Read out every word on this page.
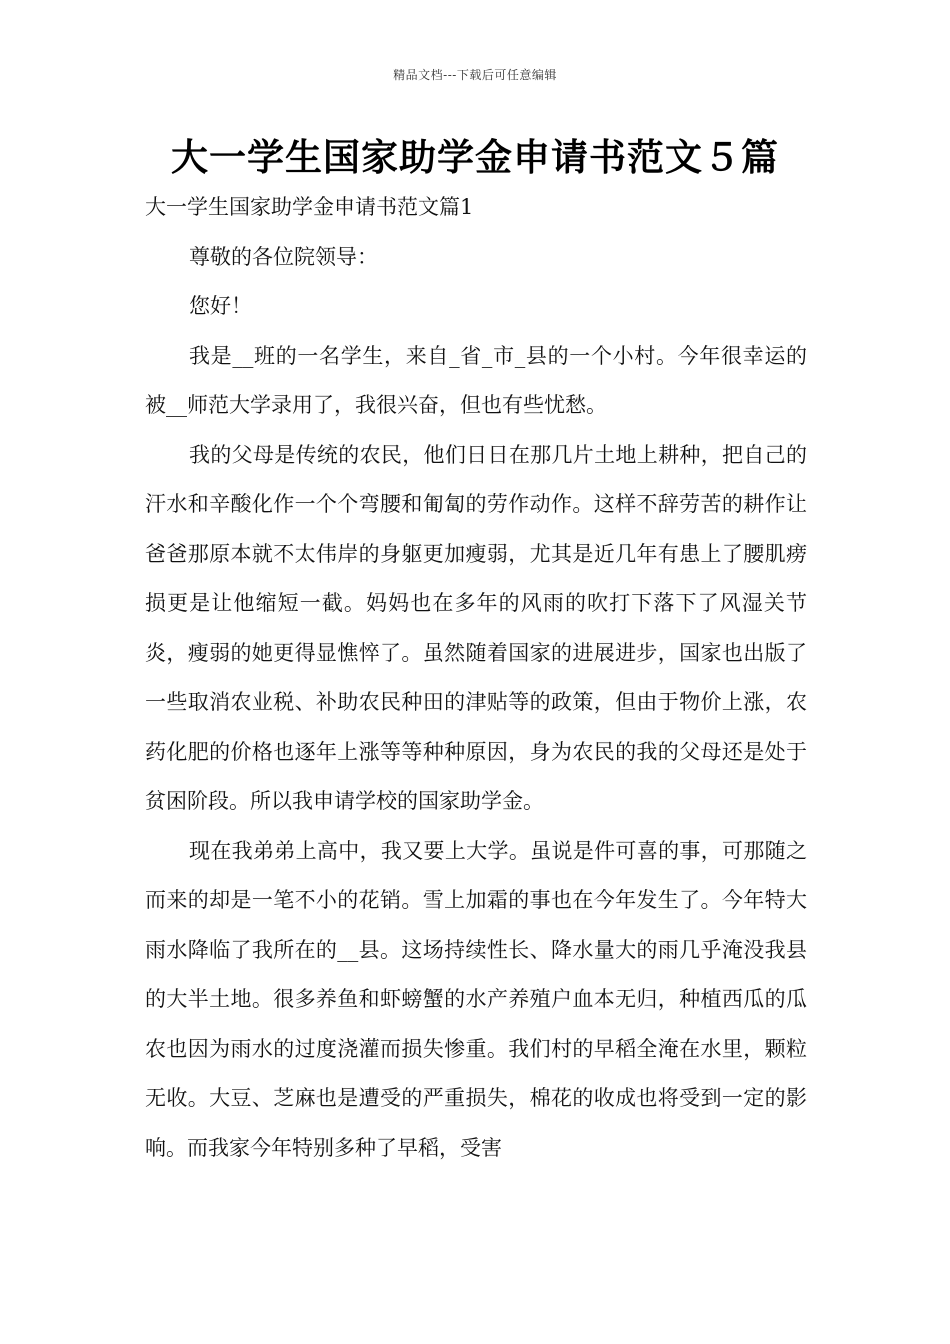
精品文档---下载后可任意编辑
大一学生国家助学金申请书范文５篇

大一学生国家助学金申请书范文篇1

尊敬的各位院领导：

您好！

我是__班的一名学生，来自_省_市_县的一个小村。今年很幸运的被__师范大学录用了，我很兴奋，但也有些忧愁。

我的父母是传统的农民，他们日日在那几片土地上耕种，把自己的汗水和辛酸化作一个个弯腰和匍匐的劳作动作。这样不辞劳苦的耕作让爸爸那原本就不太伟岸的身躯更加瘦弱，尤其是近几年有患上了腰肌痨损更是让他缩短一截。妈妈也在多年的风雨的吹打下落下了风湿关节炎，瘦弱的她更得显憔悴了。虽然随着国家的进展进步，国家也出版了一些取消农业税、补助农民种田的津贴等的政策，但由于物价上涨，农药化肥的价格也逐年上涨等等种种原因，身为农民的我的父母还是处于贫困阶段。所以我申请学校的国家助学金。

现在我弟弟上高中，我又要上大学。虽说是件可喜的事，可那随之而来的却是一笔不小的花销。雪上加霜的事也在今年发生了。今年特大雨水降临了我所在的__县。这场持续性长、降水量大的雨几乎淹没我县的大半土地。很多养鱼和虾螃蟹的水产养殖户血本无归，种植西瓜的瓜农也因为雨水的过度浇灌而损失惨重。我们村的早稻全淹在水里，颗粒无收。大豆、芝麻也是遭受的严重损失，棉花的收成也将受到一定的影响。而我家今年特别多种了早稻，受害
